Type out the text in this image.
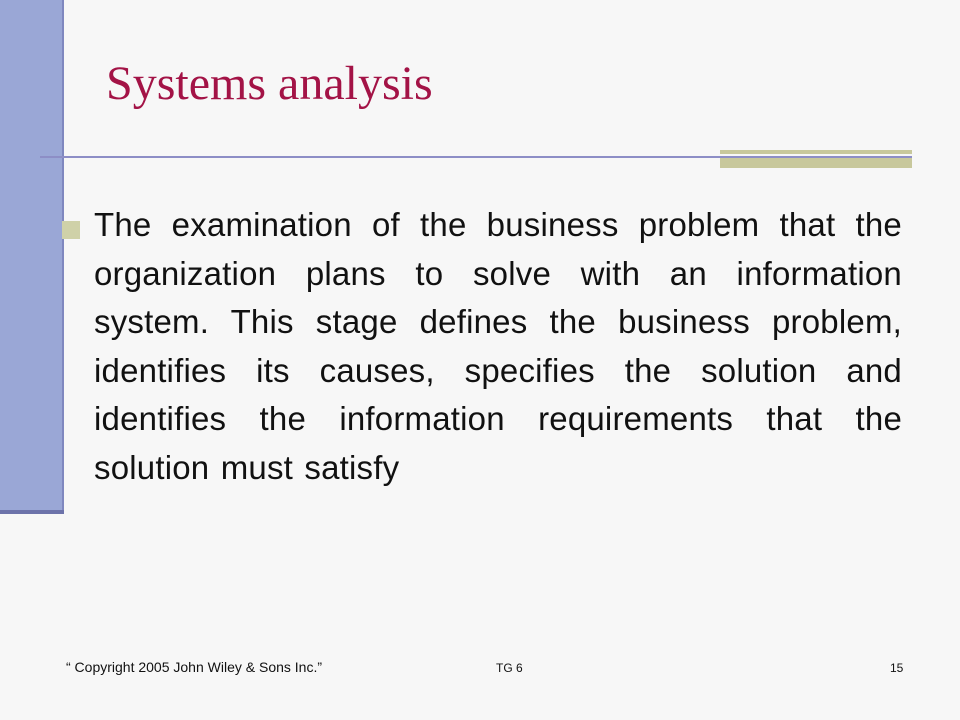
Systems analysis
The examination of the business problem that the organization plans to solve with an information system. This stage defines the business problem, identifies its causes, specifies the solution and identifies the information requirements that the solution must satisfy
“ Copyright 2005 John Wiley & Sons Inc.”	TG 6	15
